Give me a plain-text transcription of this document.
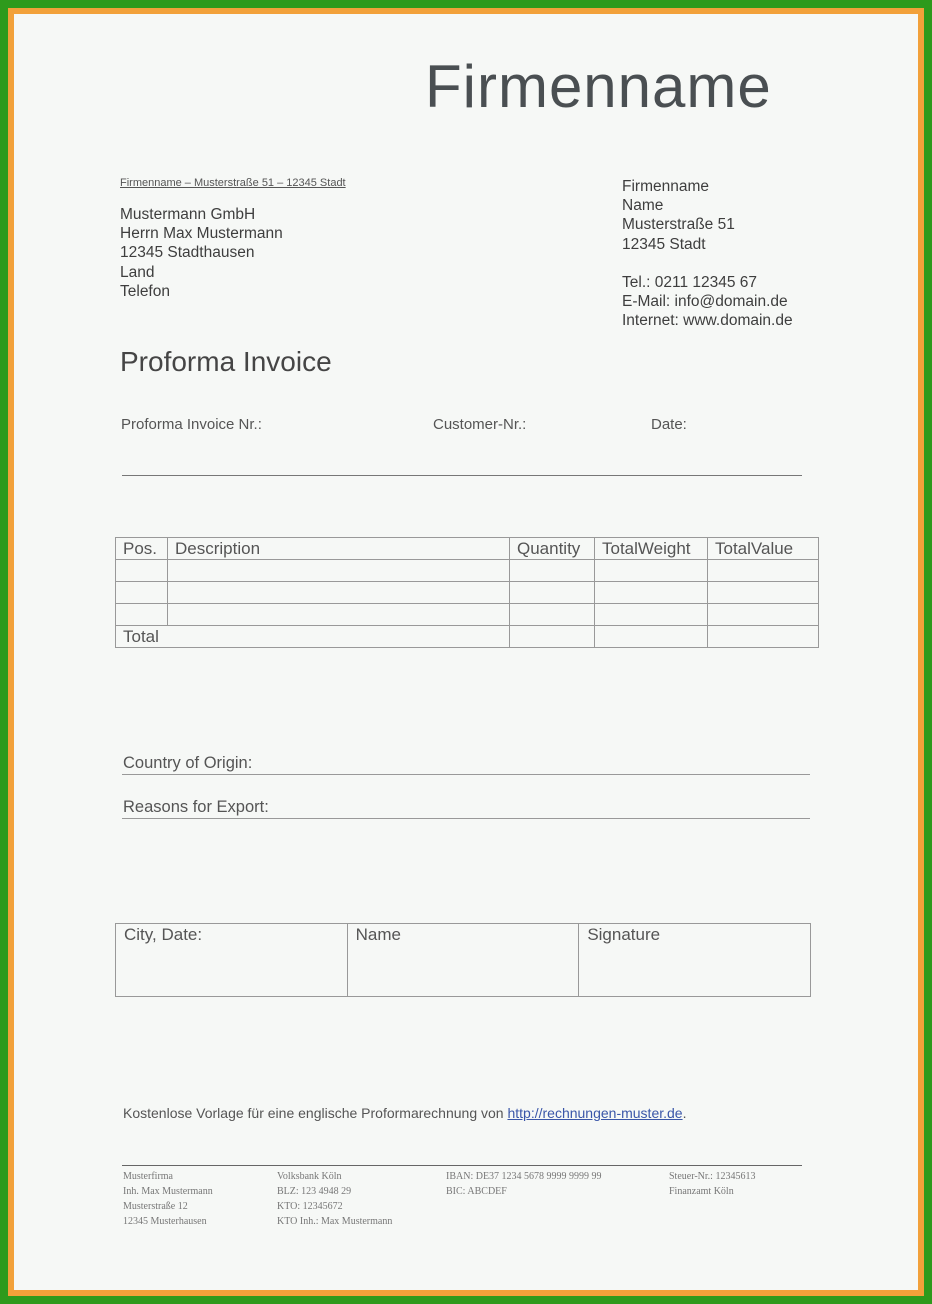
Firmenname
Firmenname – Musterstraße 51 – 12345 Stadt
Mustermann GmbH
Herrn Max Mustermann
12345 Stadthausen
Land
Telefon
Firmenname
Name
Musterstraße 51
12345 Stadt
Tel.: 0211 12345 67
E-Mail: info@domain.de
Internet: www.domain.de
Proforma Invoice
Proforma Invoice Nr.:	Customer-Nr.:	Date:
Pos.	Description	Quantity	TotalWeight	TotalValue

Total				
Country of Origin:
Reasons for Export:
City, Date:	Name	Signature
Kostenlose Vorlage für eine englische Proformarechnung von http://rechnungen-muster.de.
Musterfirma
Inh. Max Mustermann
Musterstraße 12
12345 Musterhausen
Volksbank Köln
BLZ: 123 4948 29
KTO: 12345672
KTO Inh.: Max Mustermann
IBAN: DE37 1234 5678 9999 9999 99
BIC: ABCDEF
Steuer-Nr.: 12345613
Finanzamt Köln
